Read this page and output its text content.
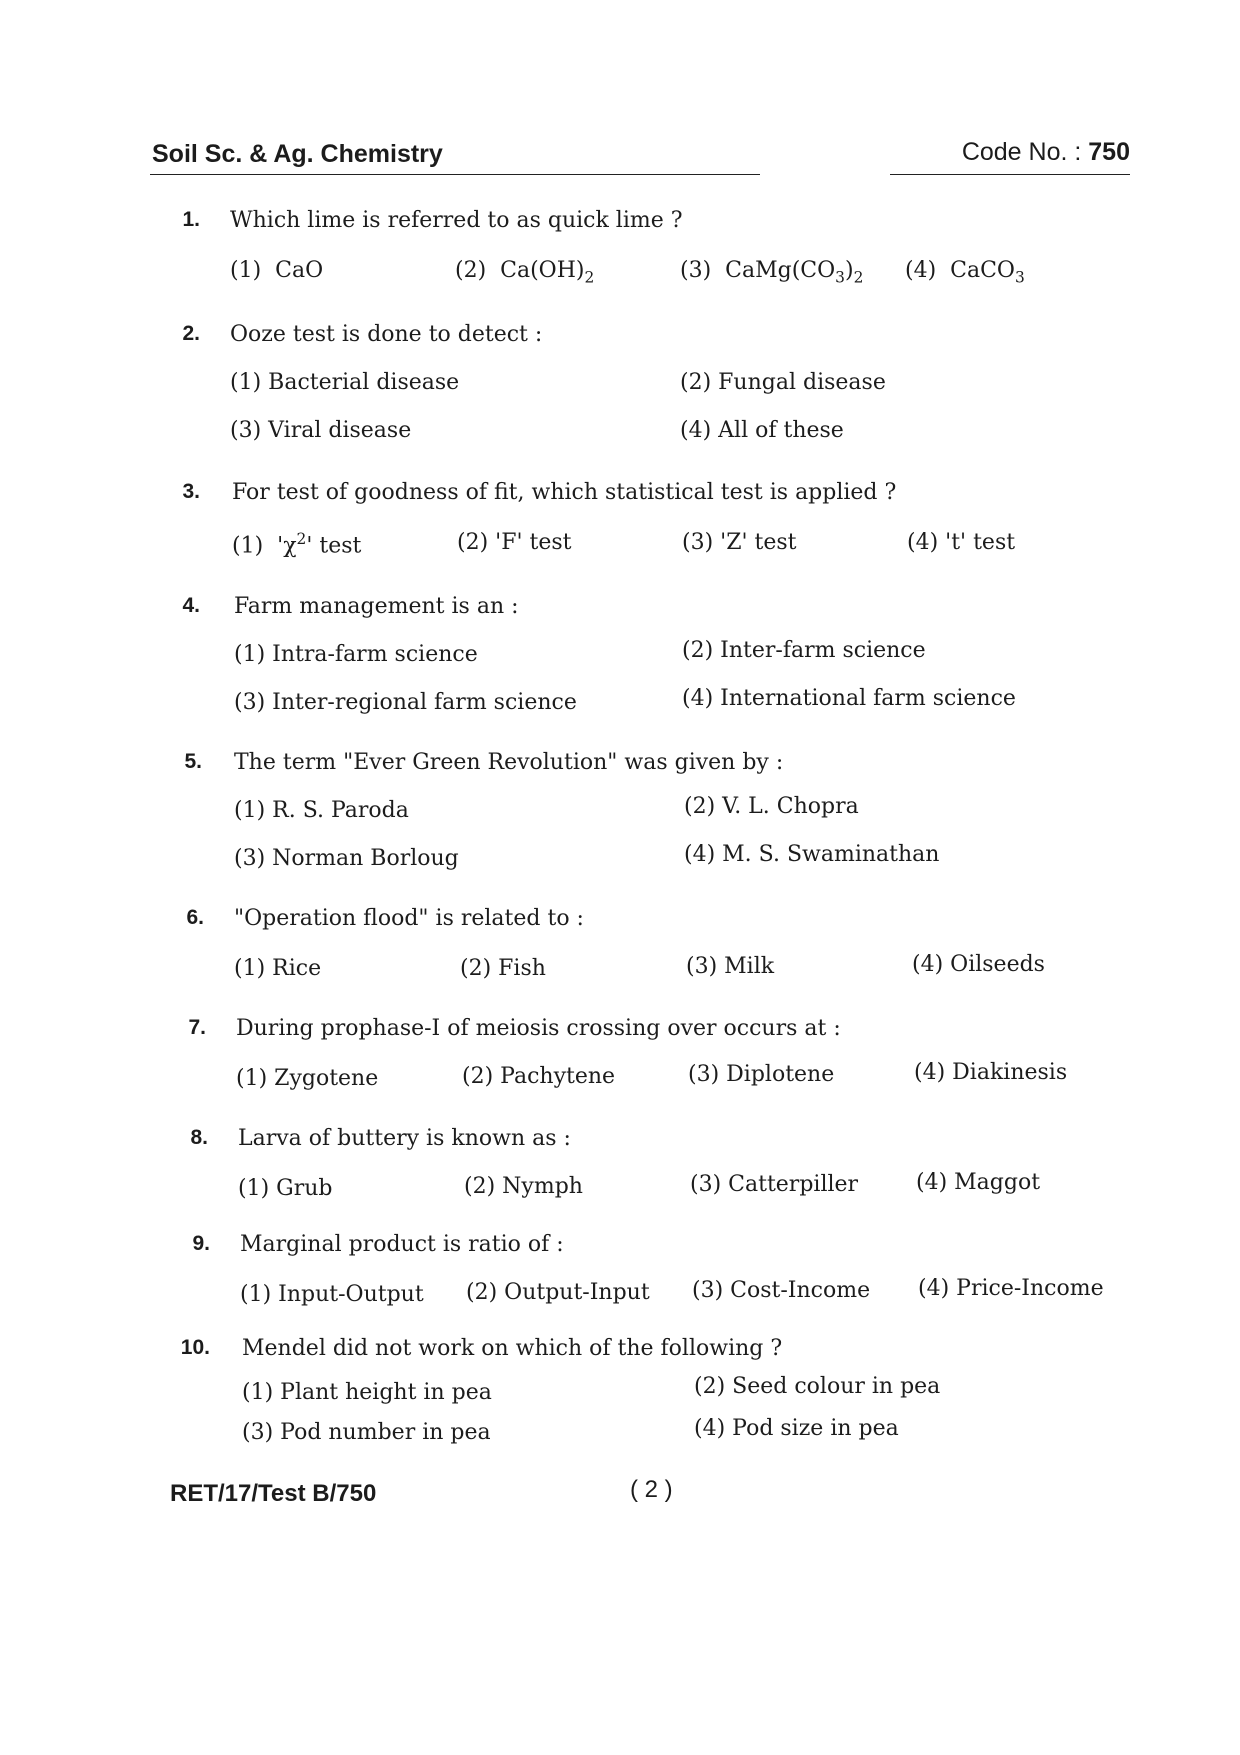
Soil Sc. & Ag. Chemistry	Code No. : 750
1. Which lime is referred to as quick lime ?
(1)  CaO	(2)  $Ca(OH)_2$	(3)  $CaMg(CO_3)_2$ (4)  CaCO$_3$
2. Ooze test is done to detect :
(1) Bacterial disease	(2) Fungal disease
(3) Viral disease	(4) All of these
3. For test of goodness of fit, which statistical test is applied ?
(1)  '$\chi^2$' test	(2) 'F' test	(3) 'Z' test	(4) 't' test
4. Farm management is an :
(1) Intra-farm science	(2) Inter-farm science
(3) Inter-regional farm science	(4) International farm science
5. The term "Ever Green Revolution" was given by :
(1) R. S. Paroda	(2) V. L. Chopra
(3) Norman Borloug	(4) M. S. Swaminathan
6. "Operation flood" is related to :
(1) Rice	(2) Fish	(3) Milk	(4) Oilseeds
7. During prophase-I of meiosis crossing over occurs at :
(1) Zygotene	(2) Pachytene	(3) Diplotene	(4) Diakinesis
8. Larva of buttery is known as :
(1) Grub	(2) Nymph	(3) Catterpiller	(4) Maggot
9. Marginal product is ratio of :
(1) Input-Output (2) Output-Input (3) Cost-Income (4) Price-Income
10. Mendel did not work on which of the following ?
(1) Plant height in pea	(2) Seed colour in pea
(3) Pod number in pea	(4) Pod size in pea
RET/17/Test B/750	( 2 )
